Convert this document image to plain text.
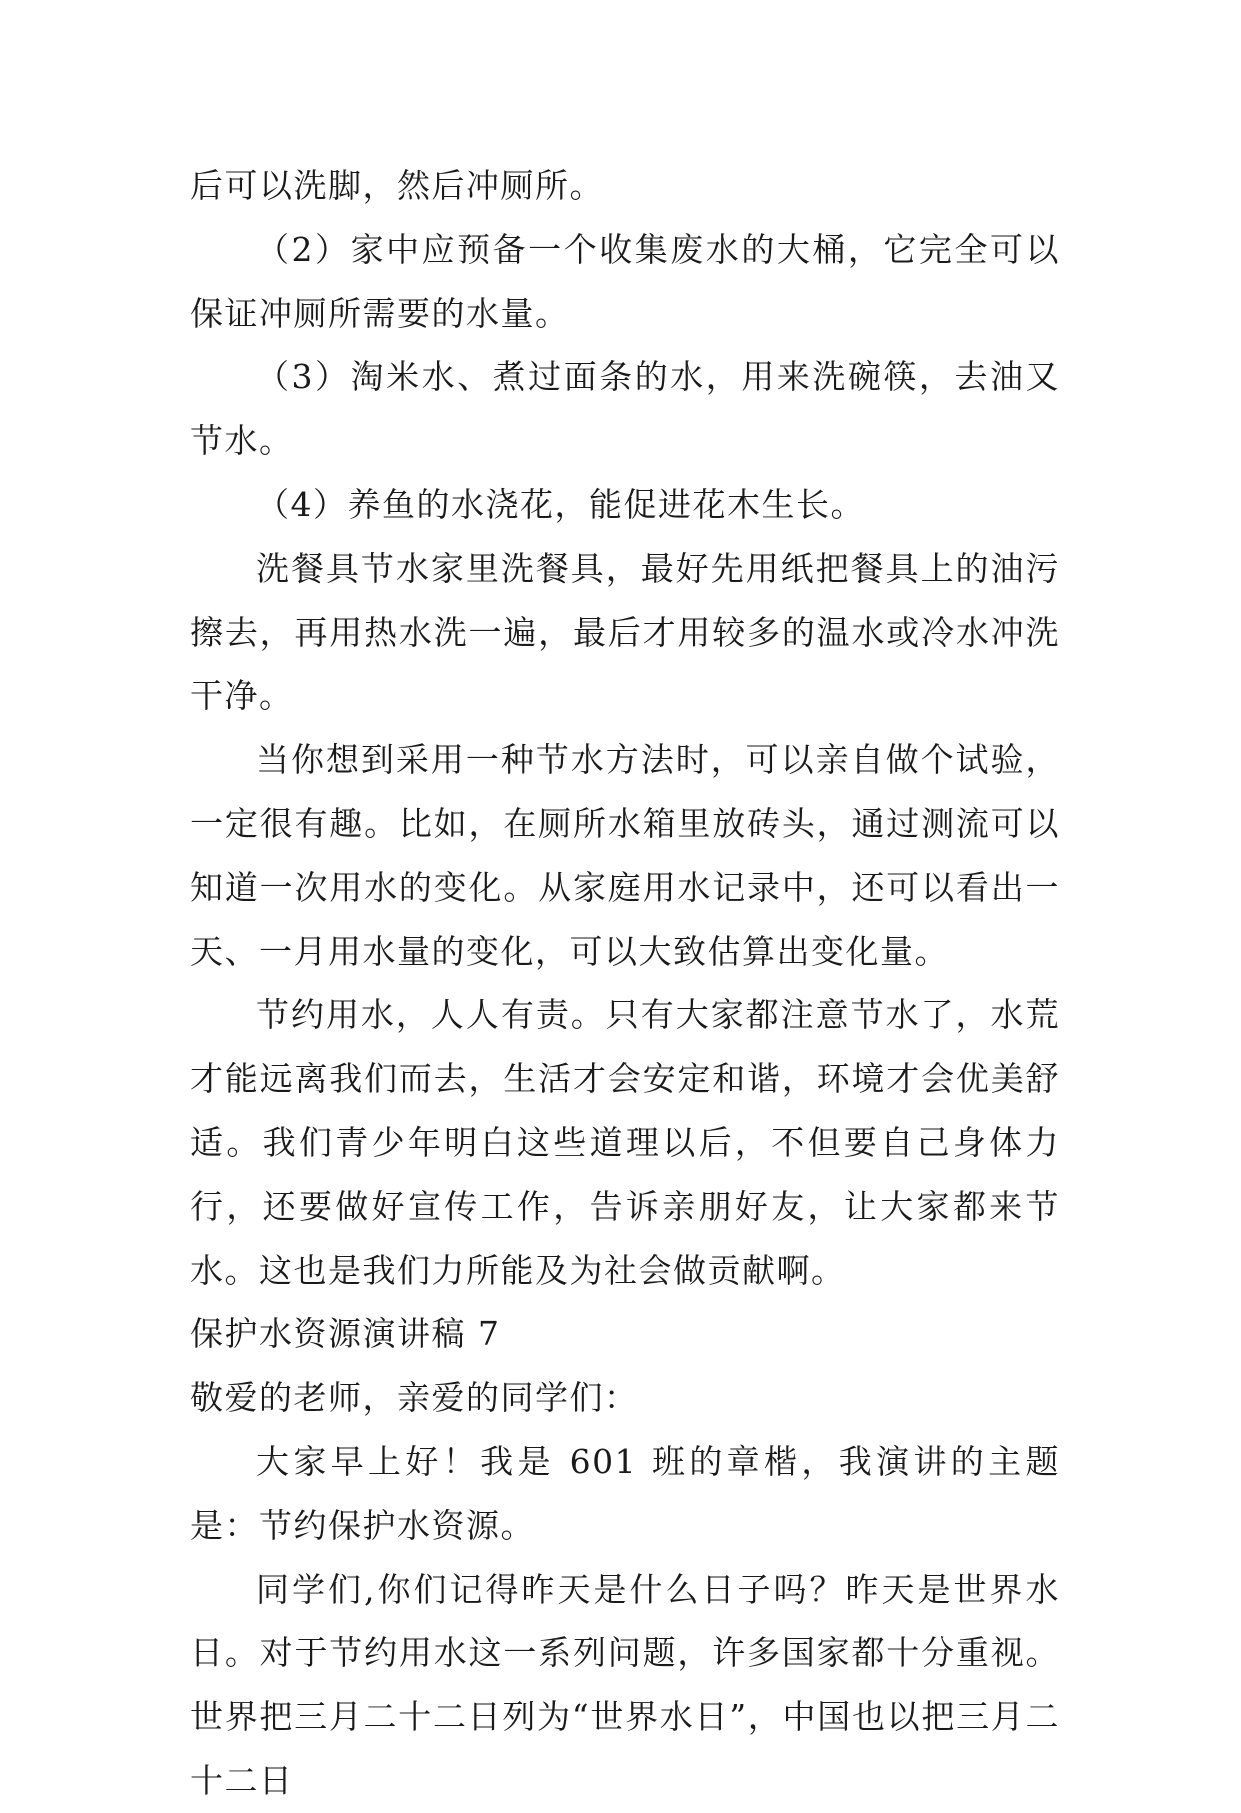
后可以洗脚，然后冲厕所。

（2）家中应预备一个收集废水的大桶，它完全可以保证冲厕所需要的水量。

（3）淘米水、煮过面条的水，用来洗碗筷，去油又节水。

（4）养鱼的水浇花，能促进花木生长。

洗餐具节水家里洗餐具，最好先用纸把餐具上的油污擦去，再用热水洗一遍，最后才用较多的温水或冷水冲洗干净。

当你想到采用一种节水方法时，可以亲自做个试验，一定很有趣。比如，在厕所水箱里放砖头，通过测流可以知道一次用水的变化。从家庭用水记录中，还可以看出一天、一月用水量的变化，可以大致估算出变化量。

节约用水，人人有责。只有大家都注意节水了，水荒才能远离我们而去，生活才会安定和谐，环境才会优美舒适。我们青少年明白这些道理以后，不但要自己身体力行，还要做好宣传工作，告诉亲朋好友，让大家都来节水。这也是我们力所能及为社会做贡献啊。

保护水资源演讲稿 7

敬爱的老师，亲爱的同学们：

大家早上好！我是 601 班的章楷，我演讲的主题是：节约保护水资源。

同学们,你们记得昨天是什么日子吗？昨天是世界水日。对于节约用水这一系列问题，许多国家都十分重视。世界把三月二十二日列为“世界水日”，中国也以把三月二十二日
